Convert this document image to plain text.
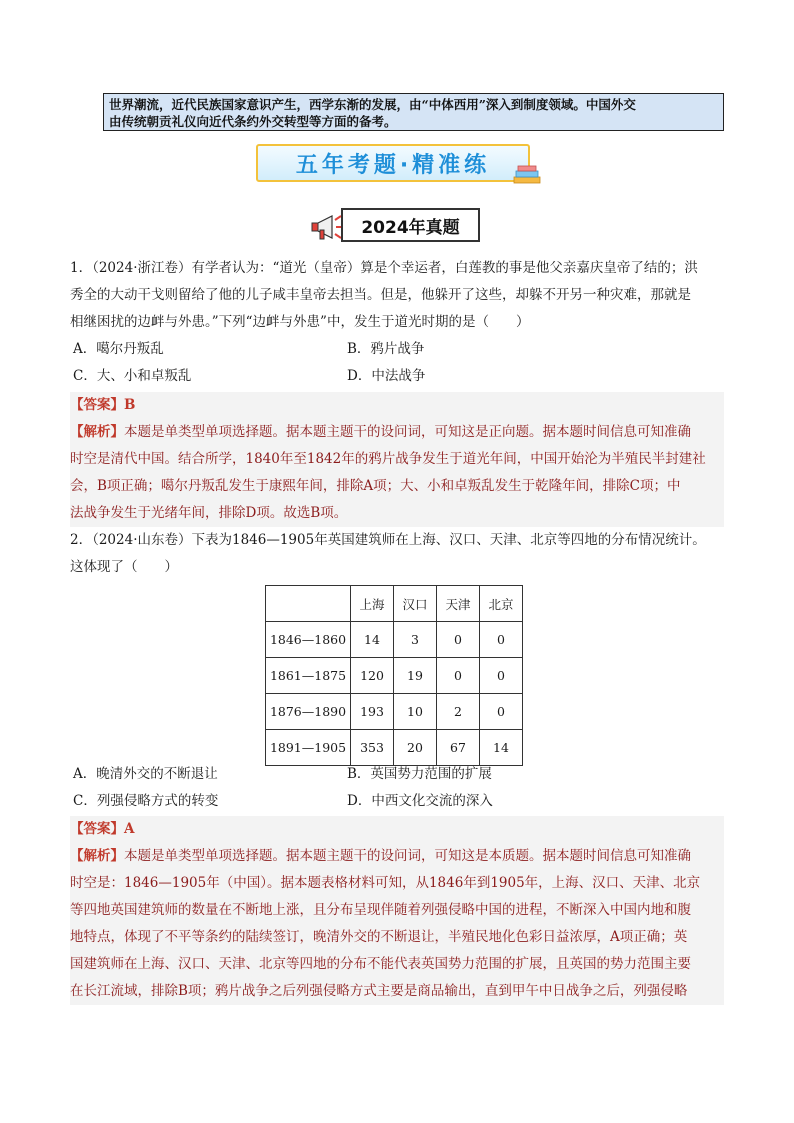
世界潮流，近代民族国家意识产生，西学东渐的发展，由“中体西用”深入到制度领域。中国外交
由传统朝贡礼仪向近代条约外交转型等方面的备考。
五年考题·精准练
2024年真题
1．（2024·浙江卷）有学者认为：“道光（皇帝）算是个幸运者，白莲教的事是他父亲嘉庆皇帝了结的；洪
秀全的大动干戈则留给了他的儿子咸丰皇帝去担当。但是，他躲开了这些，却躲不开另一种灾难，那就是
相继困扰的边衅与外患。”下列“边衅与外患”中，发生于道光时期的是（　　）
A．噶尔丹叛乱	B．鸦片战争
C．大、小和卓叛乱	D．中法战争
【答案】B
【解析】本题是单类型单项选择题。据本题主题干的设问词，可知这是正向题。据本题时间信息可知准确
时空是清代中国。结合所学，1840年至1842年的鸦片战争发生于道光年间，中国开始沦为半殖民半封建社
会，B项正确；噶尔丹叛乱发生于康熙年间，排除A项；大、小和卓叛乱发生于乾隆年间，排除C项；中
法战争发生于光绪年间，排除D项。故选B项。
2．（2024·山东卷）下表为1846—1905年英国建筑师在上海、汉口、天津、北京等四地的分布情况统计。
这体现了（　　）
	上海	汉口	天津	北京
1846—1860	14	3	0	0
1861—1875	120	19	0	0
1876—1890	193	10	2	0
1891—1905	353	20	67	14
A．晚清外交的不断退让	B．英国势力范围的扩展
C．列强侵略方式的转变	D．中西文化交流的深入
【答案】A
【解析】本题是单类型单项选择题。据本题主题干的设问词，可知这是本质题。据本题时间信息可知准确
时空是：1846—1905年（中国）。据本题表格材料可知，从1846年到1905年，上海、汉口、天津、北京
等四地英国建筑师的数量在不断地上涨，且分布呈现伴随着列强侵略中国的进程，不断深入中国内地和腹
地特点，体现了不平等条约的陆续签订，晚清外交的不断退让，半殖民地化色彩日益浓厚，A项正确；英
国建筑师在上海、汉口、天津、北京等四地的分布不能代表英国势力范围的扩展，且英国的势力范围主要
在长江流域，排除B项；鸦片战争之后列强侵略方式主要是商品输出，直到甲午中日战争之后，列强侵略
